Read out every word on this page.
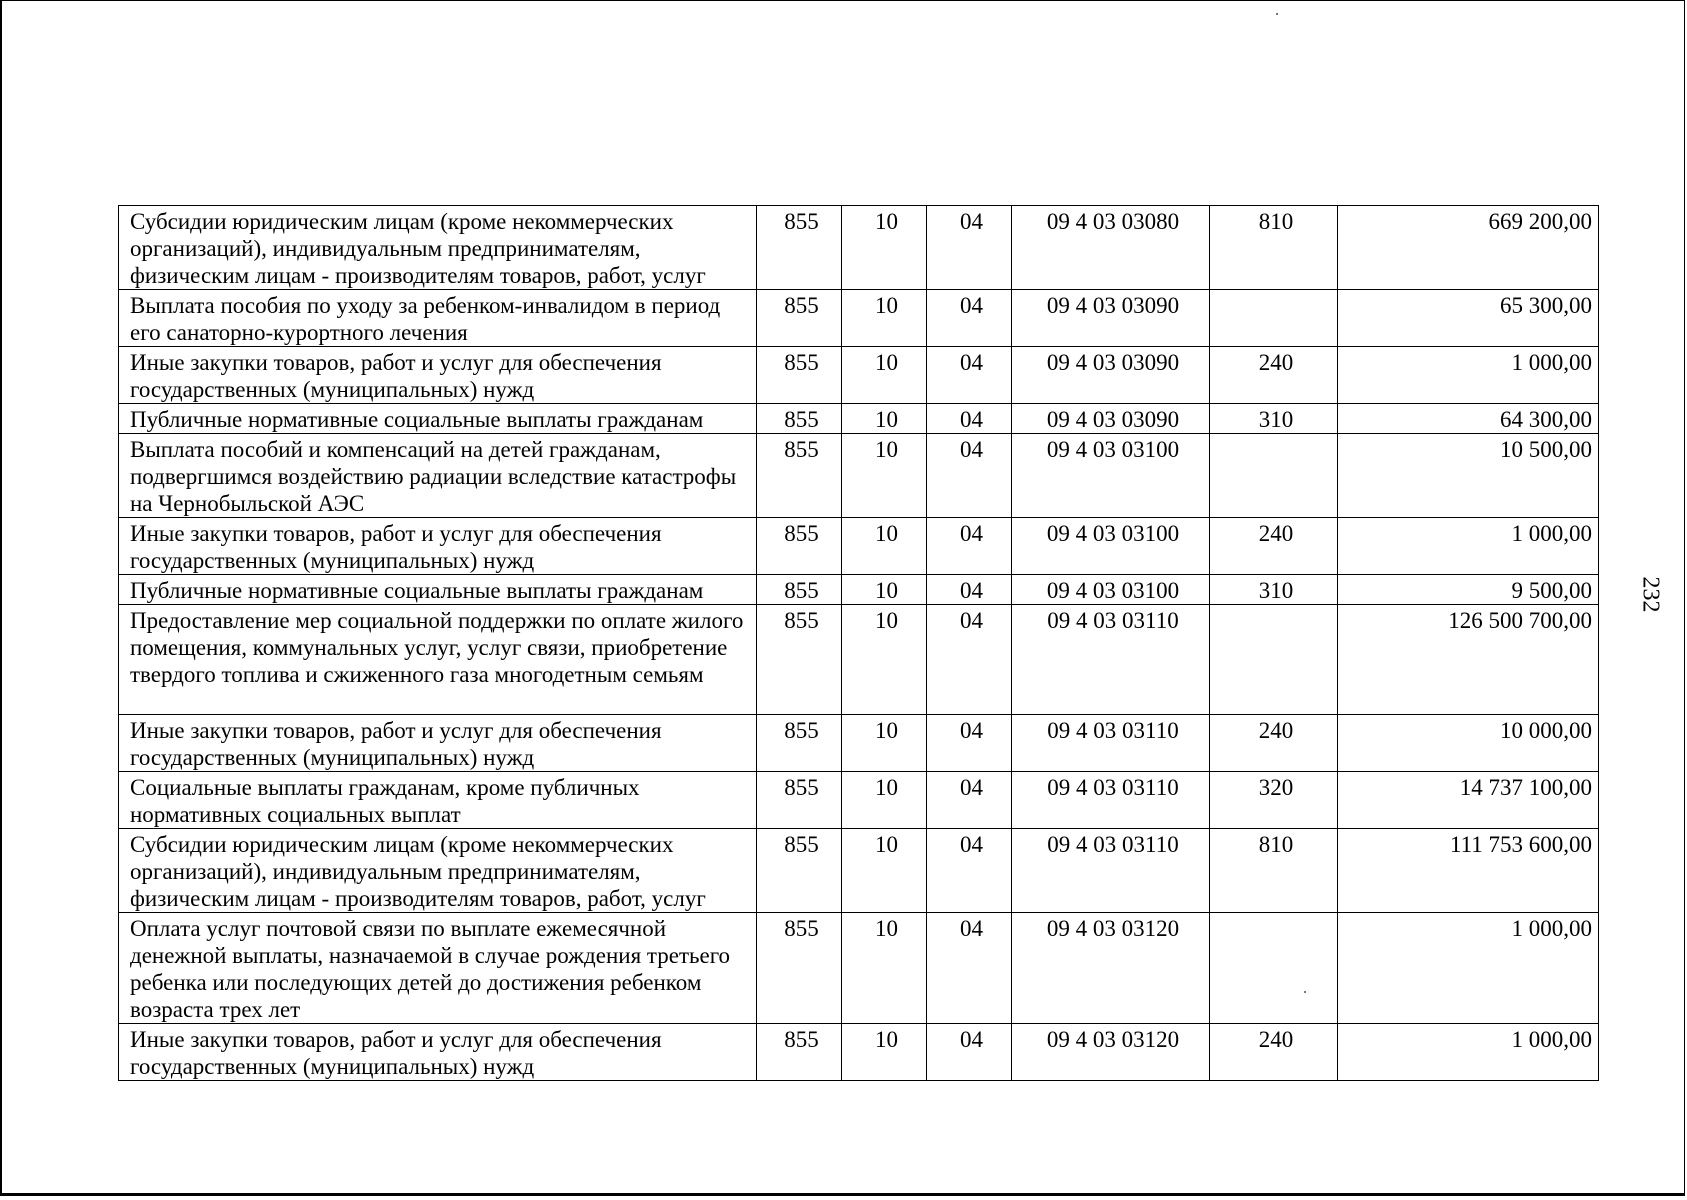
Субсидии юридическим лицам (кроме некоммерческих организаций), индивидуальным предпринимателям, физическим лицам - производителям товаров, работ, услуг	855	10	04	09 4 03 03080	810	669 200,00
Выплата пособия по уходу за ребенком-инвалидом в период его санаторно-курортного лечения	855	10	04	09 4 03 03090		65 300,00
Иные закупки товаров, работ и услуг для обеспечения государственных (муниципальных) нужд	855	10	04	09 4 03 03090	240	1 000,00
Публичные нормативные социальные выплаты гражданам	855	10	04	09 4 03 03090	310	64 300,00
Выплата пособий и компенсаций на детей гражданам, подвергшимся воздействию радиации вследствие катастрофы на Чернобыльской АЭС	855	10	04	09 4 03 03100		10 500,00
Иные закупки товаров, работ и услуг для обеспечения государственных (муниципальных) нужд	855	10	04	09 4 03 03100	240	1 000,00
Публичные нормативные социальные выплаты гражданам	855	10	04	09 4 03 03100	310	9 500,00
Предоставление мер социальной поддержки по оплате жилого помещения, коммунальных услуг, услуг связи, приобретение твердого топлива и сжиженного газа многодетным семьям	855	10	04	09 4 03 03110		126 500 700,00
Иные закупки товаров, работ и услуг для обеспечения государственных (муниципальных) нужд	855	10	04	09 4 03 03110	240	10 000,00
Социальные выплаты гражданам, кроме публичных нормативных социальных выплат	855	10	04	09 4 03 03110	320	14 737 100,00
Субсидии юридическим лицам (кроме некоммерческих организаций), индивидуальным предпринимателям, физическим лицам - производителям товаров, работ, услуг	855	10	04	09 4 03 03110	810	111 753 600,00
Оплата услуг почтовой связи по выплате ежемесячной денежной выплаты, назначаемой в случае рождения третьего ребенка или последующих детей до достижения ребенком возраста трех лет	855	10	04	09 4 03 03120		1 000,00
Иные закупки товаров, работ и услуг для обеспечения государственных (муниципальных) нужд	855	10	04	09 4 03 03120	240	1 000,00
232
